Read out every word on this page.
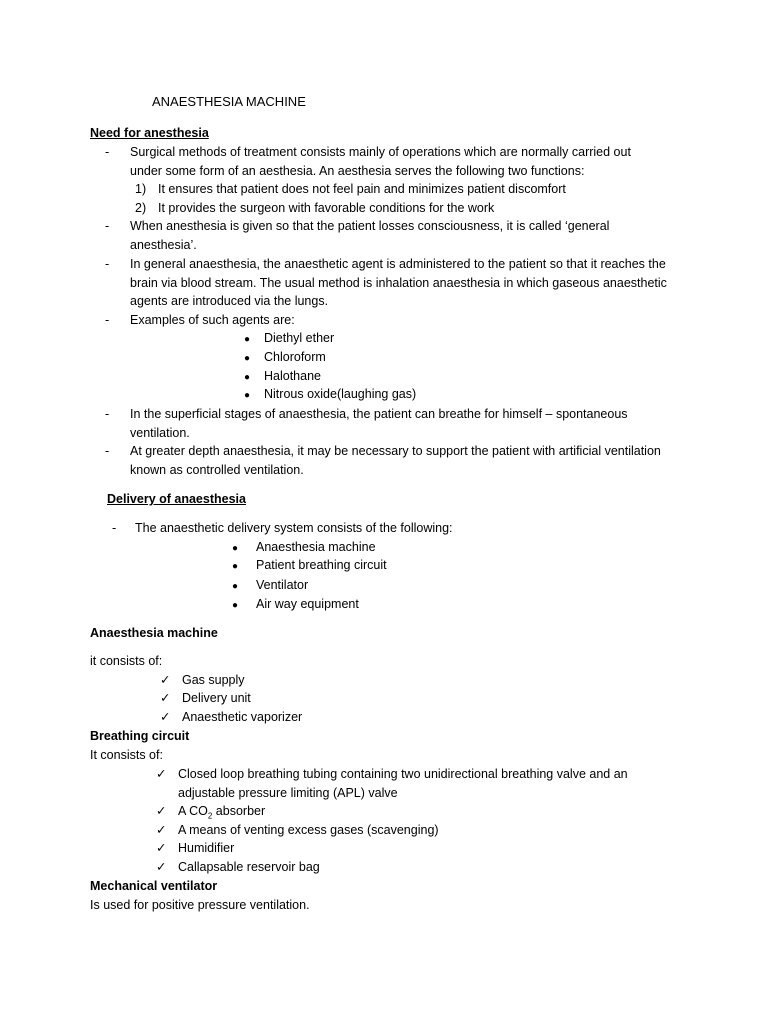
ANAESTHESIA MACHINE
Need for anesthesia
- Surgical methods of treatment consists mainly of operations which are normally carried out
under some form of an aesthesia. An aesthesia serves the following two functions:
1) It ensures that patient does not feel pain and minimizes patient discomfort
2) It provides the surgeon with favorable conditions for the work
- When anesthesia is given so that the patient losses consciousness, it is called ‘general
anesthesia’.
- In general anaesthesia, the anaesthetic agent is administered to the patient so that it reaches the
brain via blood stream. The usual method is inhalation anaesthesia in which gaseous anaesthetic
agents are introduced via the lungs.
- Examples of such agents are:
● Diethyl ether
● Chloroform
● Halothane
● Nitrous oxide(laughing gas)
- In the superficial stages of anaesthesia, the patient can breathe for himself – spontaneous
ventilation.
- At greater depth anaesthesia, it may be necessary to support the patient with artificial ventilation
known as controlled ventilation.
Delivery of anaesthesia
- The anaesthetic delivery system consists of the following:
● Anaesthesia machine
● Patient breathing circuit
● Ventilator
● Air way equipment
Anaesthesia machine
it consists of:
✓ Gas supply
✓ Delivery unit
✓ Anaesthetic vaporizer
Breathing circuit
It consists of:
✓ Closed loop breathing tubing containing two unidirectional breathing valve and an
adjustable pressure limiting (APL) valve
✓ A $CO_2$ absorber
✓ A means of venting excess gases (scavenging)
✓ Humidifier
✓ Callapsable reservoir bag
Mechanical ventilator
Is used for positive pressure ventilation.
